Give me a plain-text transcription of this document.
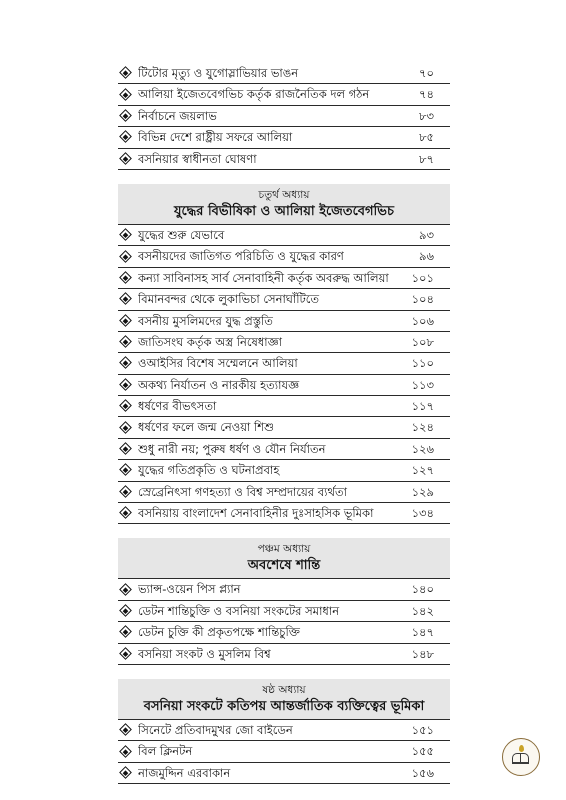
টিটোর মৃত্যু ও যুগোস্লাভিয়ার ভাঙন	৭০
আলিয়া ইজেতবেগভিচ কর্তৃক রাজনৈতিক দল গঠন	৭৪
নির্বাচনে জয়লাভ	৮৩
বিভিন্ন দেশে রাষ্ট্রীয় সফরে আলিয়া	৮৫
বসনিয়ার স্বাধীনতা ঘোষণা	৮৭
চতুর্থ অধ্যায়
যুদ্ধের বিভীষিকা ও আলিয়া ইজেতবেগভিচ
যুদ্ধের শুরু যেভাবে	৯৩
বসনীয়দের জাতিগত পরিচিতি ও যুদ্ধের কারণ	৯৬
কন্যা সাবিনাসহ সার্ব সেনাবাহিনী কর্তৃক অবরুদ্ধ আলিয়া	১০১
বিমানবন্দর থেকে লুকাভিচা সেনাঘাঁটিতে	১০৪
বসনীয় মুসলিমদের যুদ্ধ প্রস্তুতি	১০৬
জাতিসংঘ কর্তৃক অস্ত্র নিষেধাজ্ঞা	১০৮
ওআইসির বিশেষ সম্মেলনে আলিয়া	১১০
অকথ্য নির্যাতন ও নারকীয় হত্যাযজ্ঞ	১১৩
ধর্ষণের বীভৎসতা	১১৭
ধর্ষণের ফলে জন্ম নেওয়া শিশু	১২৪
শুধু নারী নয়; পুরুষ ধর্ষণ ও যৌন নির্যাতন	১২৬
যুদ্ধের গতিপ্রকৃতি ও ঘটনাপ্রবাহ	১২৭
স্রেব্রেনিৎসা গণহত্যা ও বিশ্ব সম্প্রদায়ের ব্যর্থতা	১২৯
বসনিয়ায় বাংলাদেশ সেনাবাহিনীর দুঃসাহসিক ভূমিকা	১৩৪
পঞ্চম অধ্যায়
অবশেষে শান্তি
ভ্যান্স-ওয়েন পিস প্ল্যান	১৪০
ডেটন শান্তিচুক্তি ও বসনিয়া সংকটের সমাধান	১৪২
ডেটন চুক্তি কী প্রকৃতপক্ষে শান্তিচুক্তি	১৪৭
বসনিয়া সংকট ও মুসলিম বিশ্ব	১৪৮
ষষ্ঠ অধ্যায়
বসনিয়া সংকটে কতিপয় আন্তর্জাতিক ব্যক্তিত্বের ভূমিকা
সিনেটে প্রতিবাদমুখর জো বাইডেন	১৫১
বিল ক্লিনটন	১৫৫
নাজমুদ্দিন এরবাকান	১৫৬
